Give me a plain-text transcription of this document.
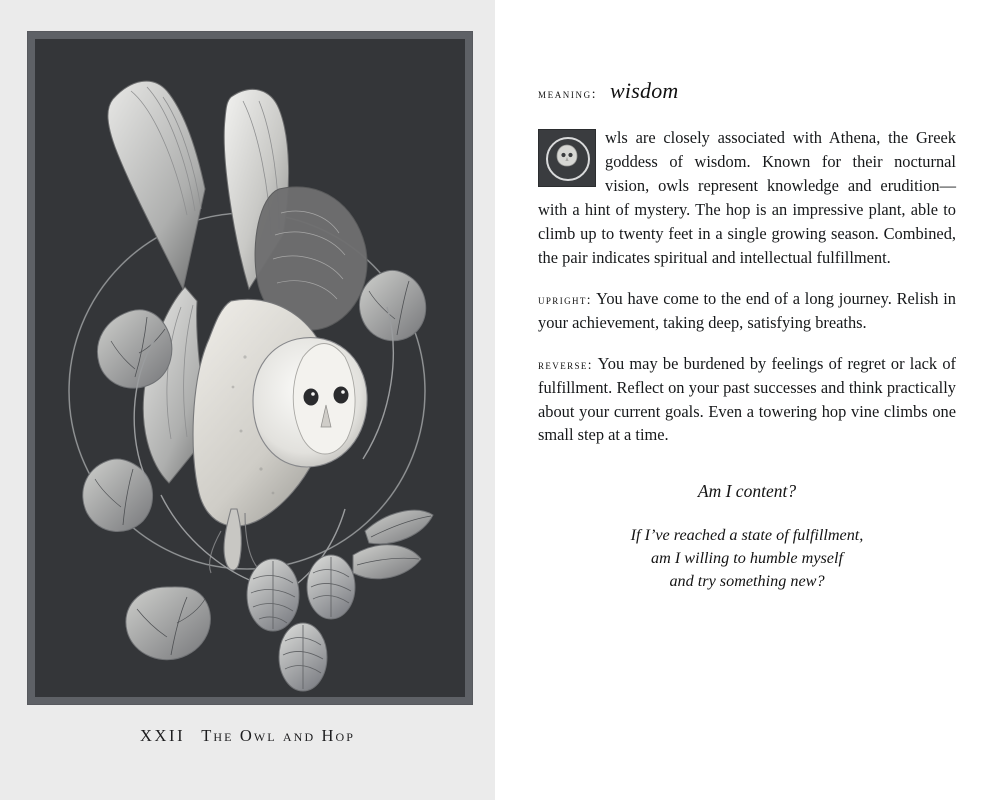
XXII The Owl and Hop
meaning: wisdom

wls are closely associated with Athena, the Greek goddess of wisdom. Known for their nocturnal vision, owls represent knowledge and erudition—with a hint of mystery. The hop is an impressive plant, able to climb up to twenty feet in a single growing season. Combined, the pair indicates spiritual and intellectual fulfillment.

upright: You have come to the end of a long journey. Relish in your achievement, taking deep, satisfying breaths.

reverse: You may be burdened by feelings of regret or lack of fulfillment. Reflect on your past successes and think practically about your current goals. Even a towering hop vine climbs one small step at a time.

Am I content?
If I’ve reached a state of fulfillment,
am I willing to humble myself
and try something new?
